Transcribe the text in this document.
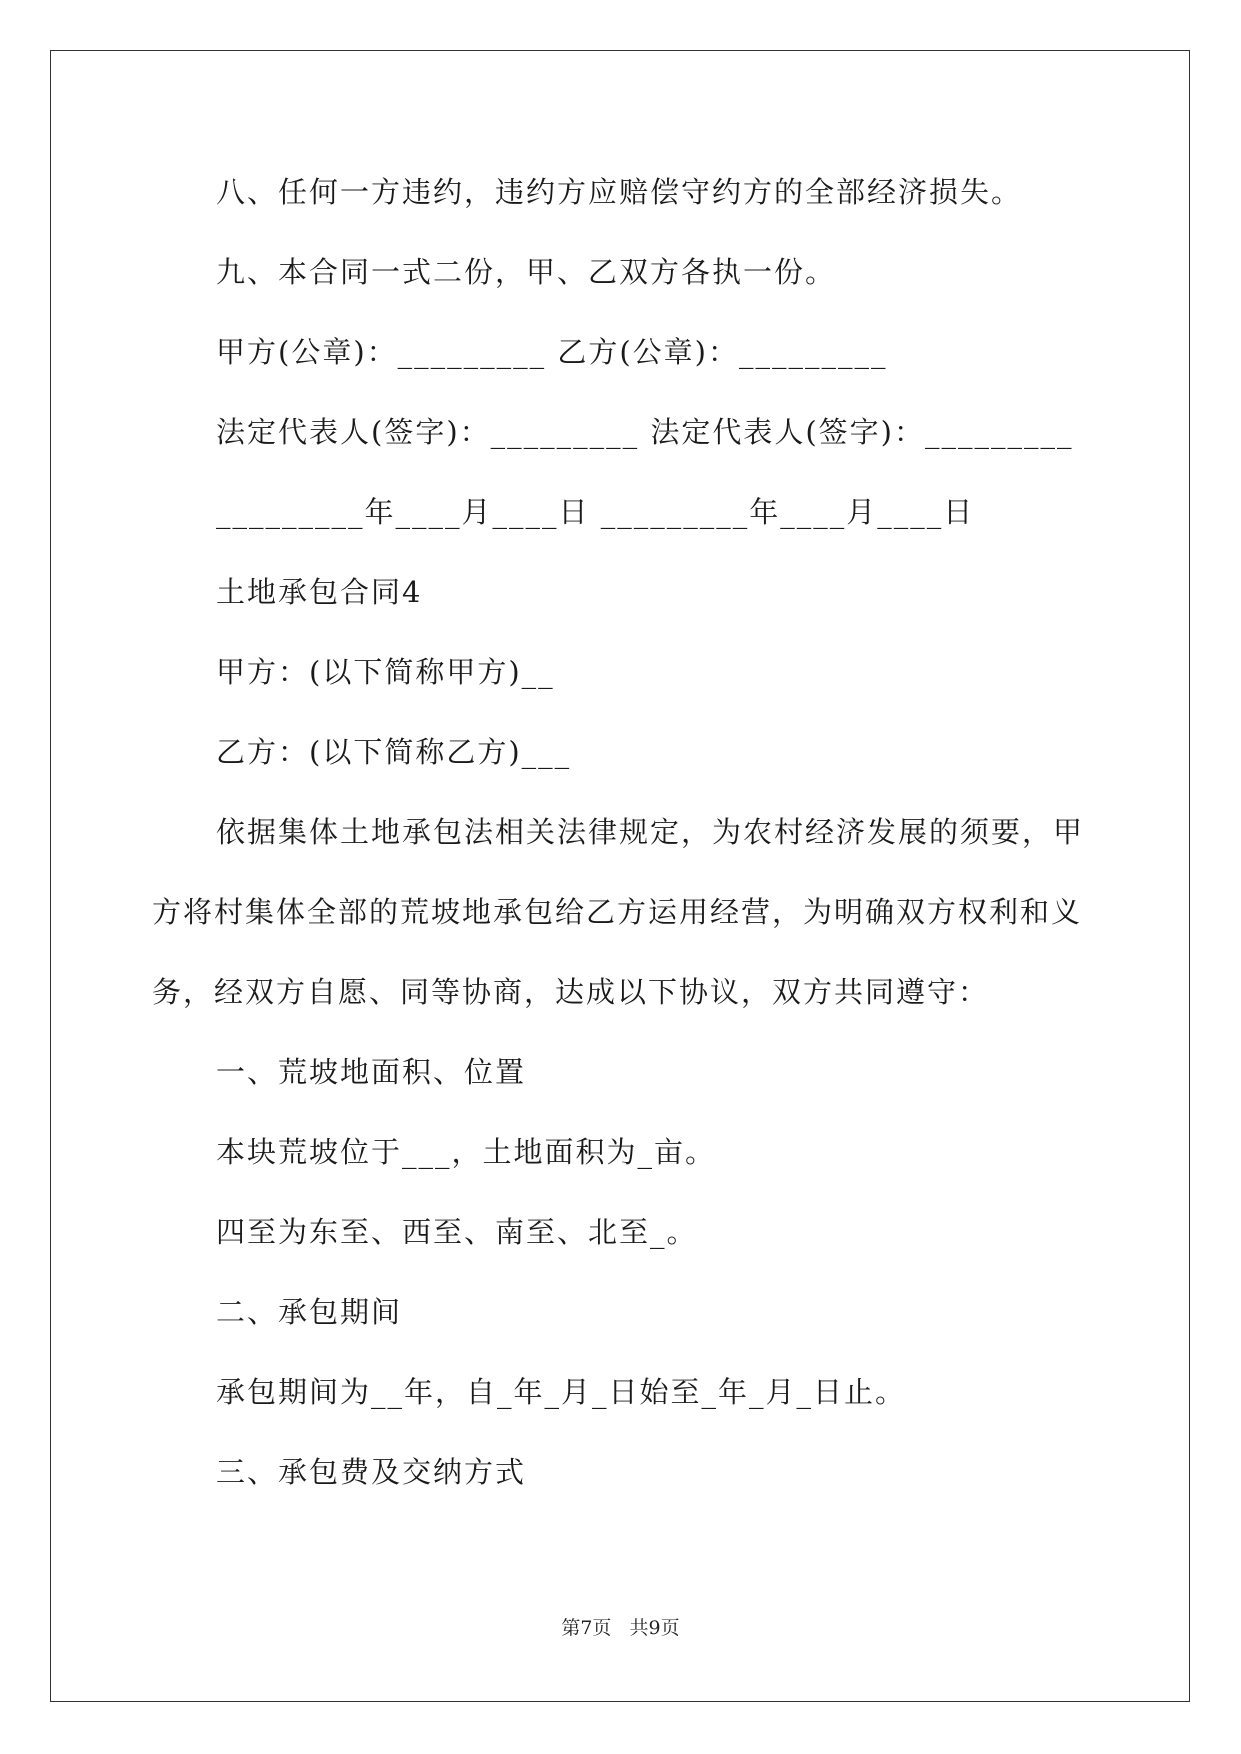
八、任何一方违约，违约方应赔偿守约方的全部经济损失。
九、本合同一式二份，甲、乙双方各执一份。
甲方(公章)：_________ 乙方(公章)：_________
法定代表人(签字)：_________ 法定代表人(签字)：_________
_________年____月____日 _________年____月____日
土地承包合同4
甲方：(以下简称甲方)__
乙方：(以下简称乙方)___
依据集体土地承包法相关法律规定，为农村经济发展的须要，甲
方将村集体全部的荒坡地承包给乙方运用经营，为明确双方权利和义
务，经双方自愿、同等协商，达成以下协议，双方共同遵守：
一、荒坡地面积、位置
本块荒坡位于___，土地面积为_亩。
四至为东至、西至、南至、北至_。
二、承包期间
承包期间为__年，自_年_月_日始至_年_月_日止。
三、承包费及交纳方式
第7页   共9页
